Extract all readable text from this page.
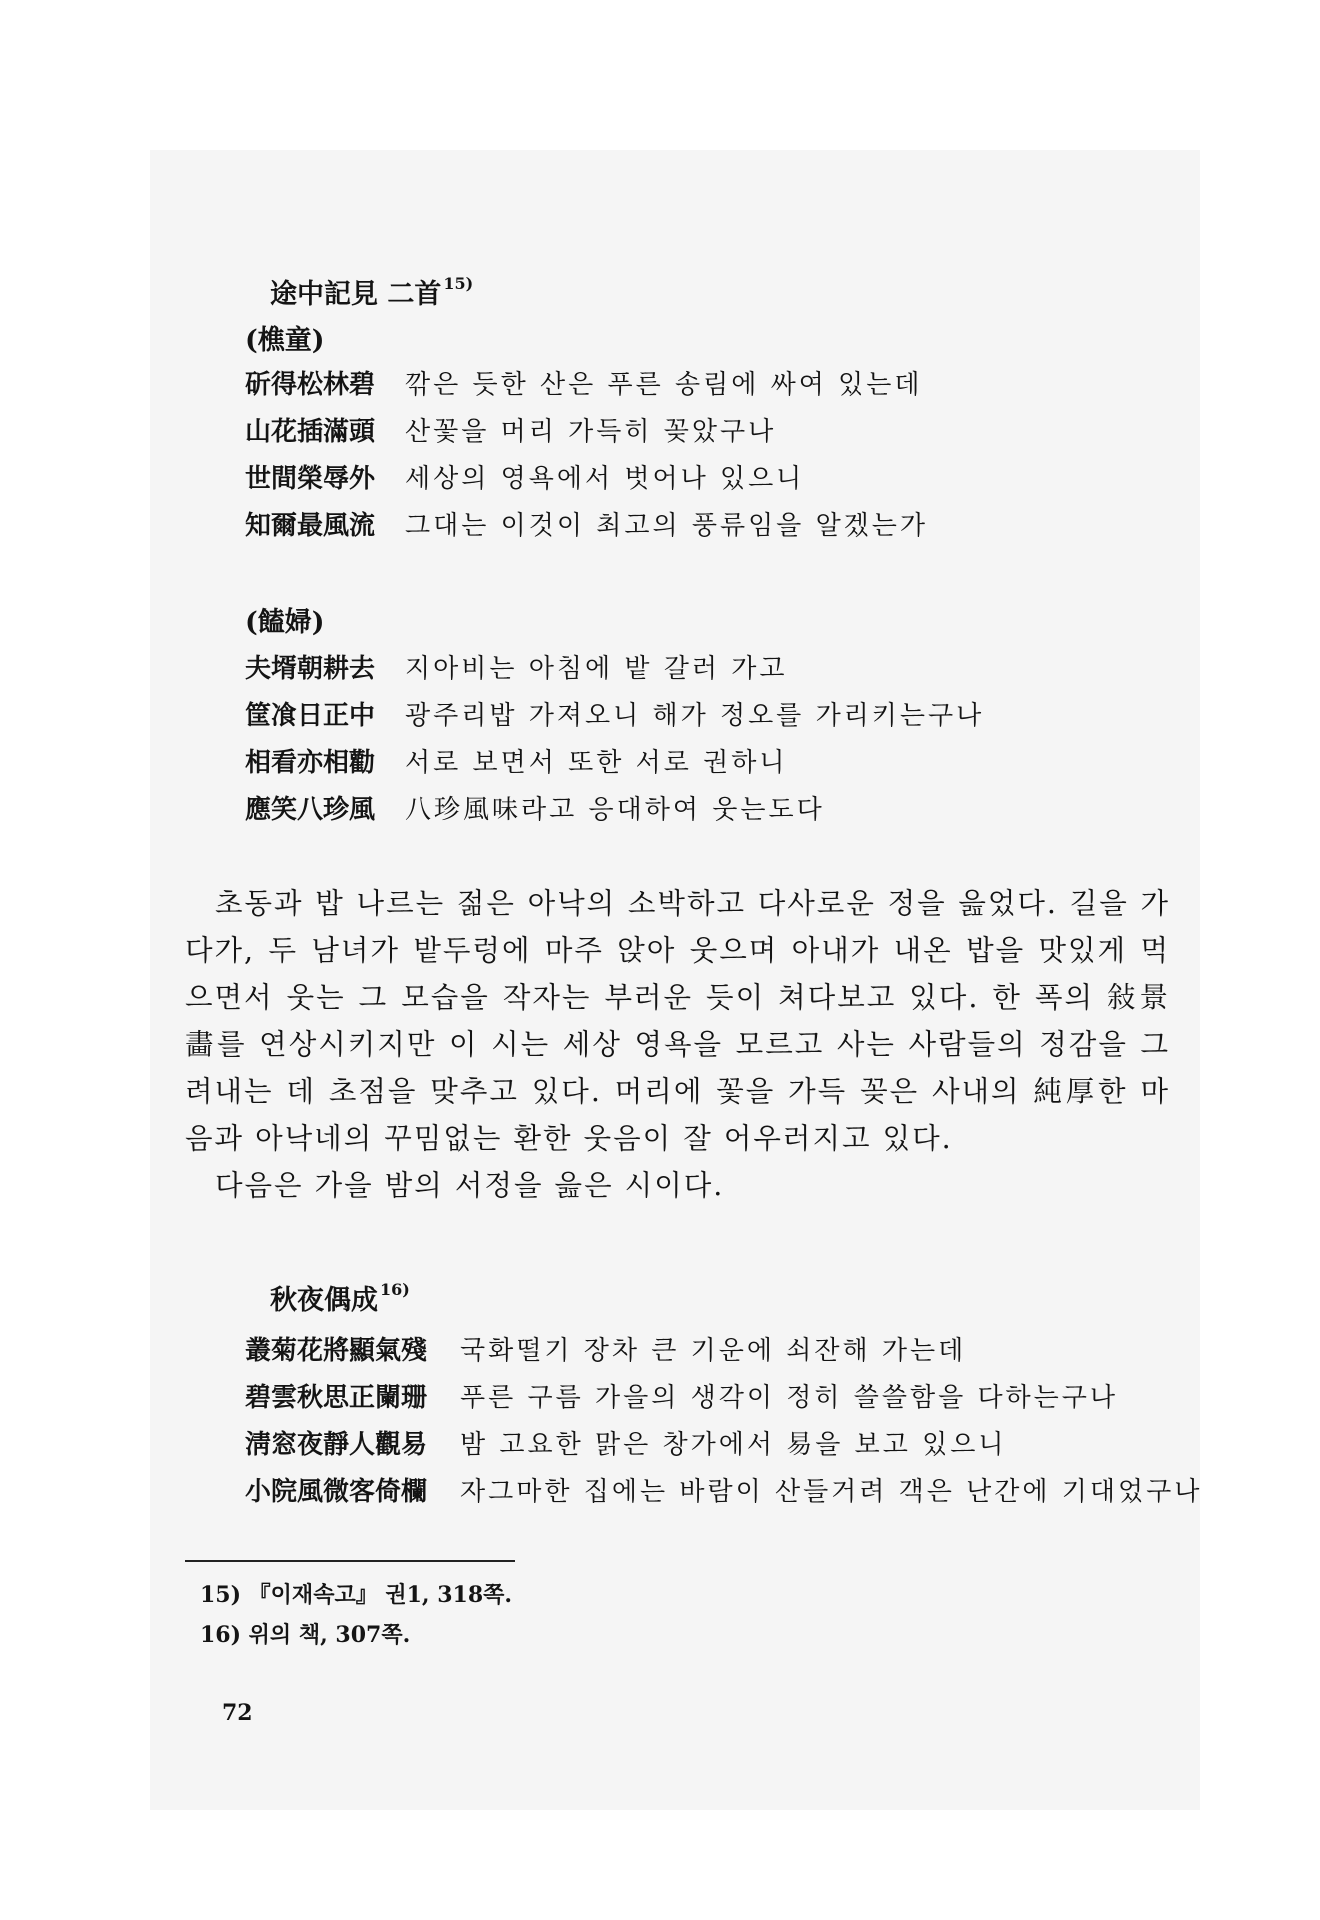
途中記見 二首 $^{15)}$
(樵童)
斫得松林碧 깎은 듯한 산은 푸른 송림에 싸여 있는데
山花插滿頭 산꽃을 머리 가득히 꽂았구나
世間榮辱外 세상의 영욕에서 벗어나 있으니
知爾最風流 그대는 이것이 최고의 풍류임을 알겠는가
(饁婦)
夫壻朝耕去 지아비는 아침에 밭 갈러 가고
筐飡日正中 광주리밥 가져오니 해가 정오를 가리키는구나
相看亦相勸 서로 보면서 또한 서로 권하니
應笑八珍風 八珍風味라고 응대하여 웃는도다

초동과 밥 나르는 젊은 아낙의 소박하고 다사로운 정을 읊었다. 길을 가다가, 두 남녀가 밭두렁에 마주 앉아 웃으며 아내가 내온 밥을 맛있게 먹으면서 웃는 그 모습을 작자는 부러운 듯이 쳐다보고 있다. 한 폭의 敍景畵를 연상시키지만 이 시는 세상 영욕을 모르고 사는 사람들의 정감을 그려내는 데 초점을 맞추고 있다. 머리에 꽃을 가득 꽂은 사내의 純厚한 마음과 아낙네의 꾸밈없는 환한 웃음이 잘 어우러지고 있다.

다음은 가을 밤의 서정을 읊은 시이다.

秋夜偶成 $^{16)}$
叢菊花將顯氣殘 국화떨기 장차 큰 기운에 쇠잔해 가는데
碧雲秋思正闌珊 푸른 구름 가을의 생각이 정히 쓸쓸함을 다하는구나
淸窓夜靜人觀易 밤 고요한 맑은 창가에서 易을 보고 있으니
小院風微客倚欄 자그마한 집에는 바람이 산들거려 객은 난간에 기대었구나
15) 『이재속고』 권1, 318쪽.
16) 위의 책, 307쪽.
72
